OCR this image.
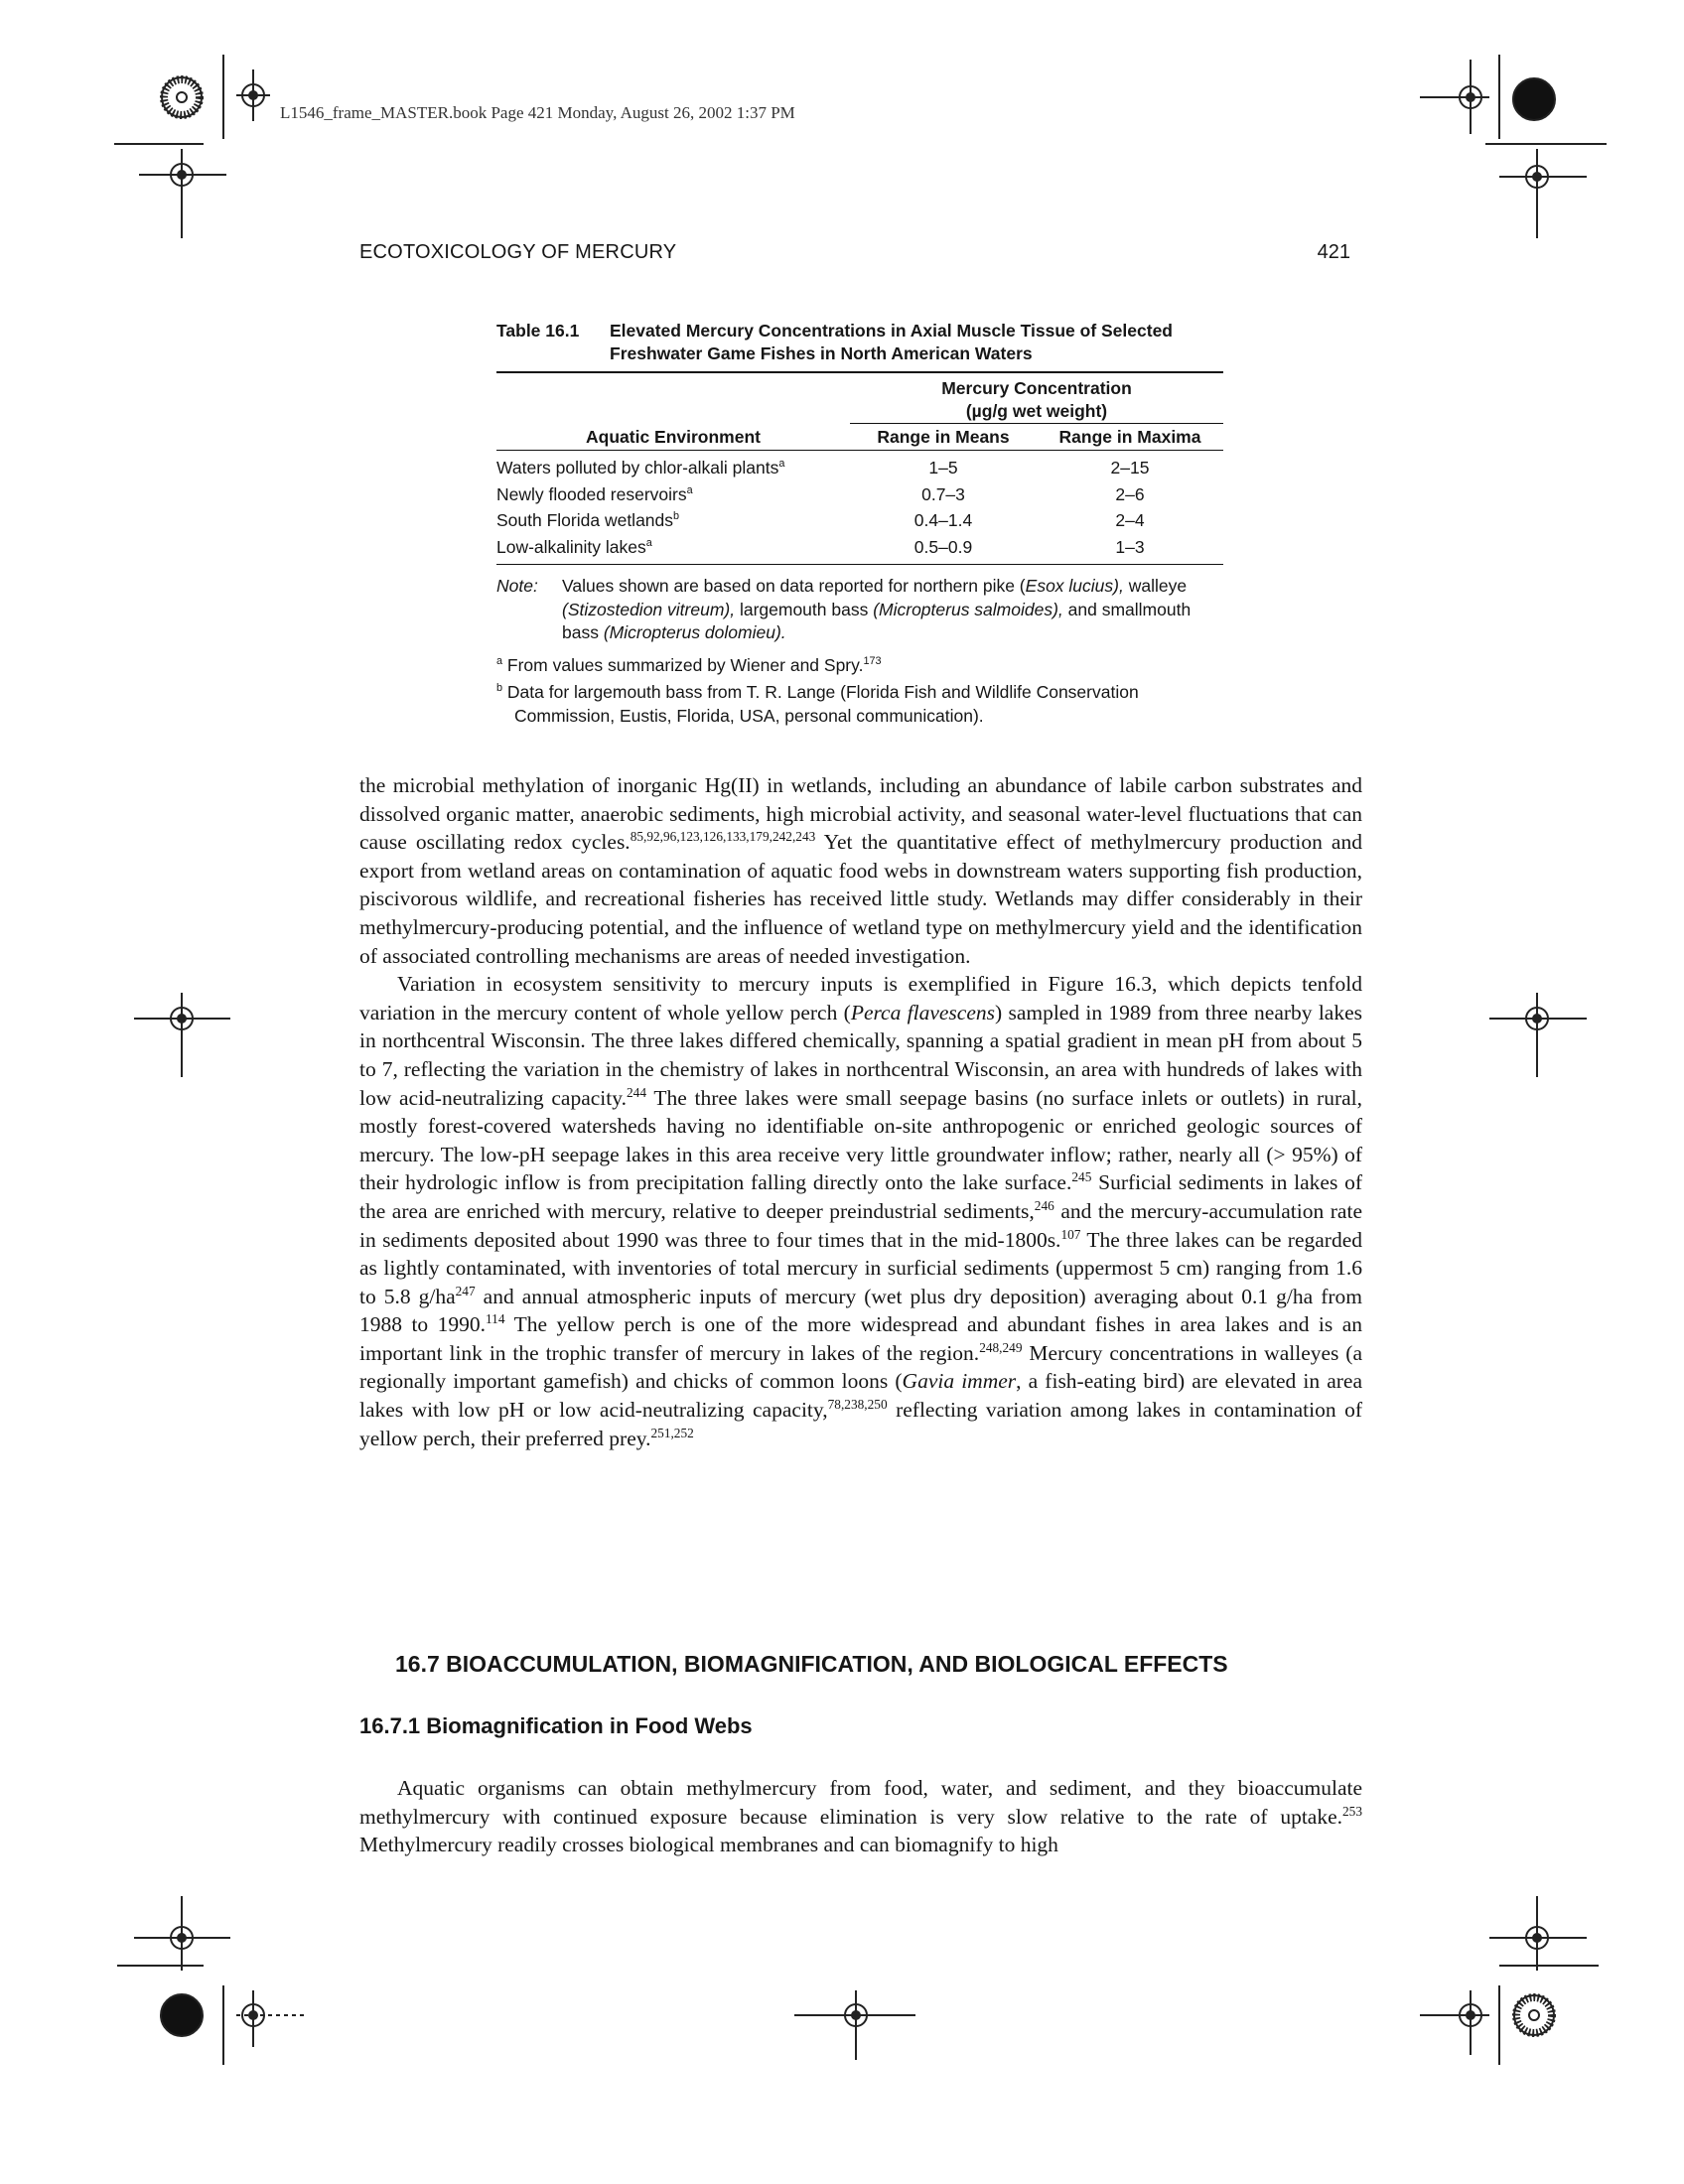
L1546_frame_MASTER.book Page 421 Monday, August 26, 2002 1:37 PM
ECOTOXICOLOGY OF MERCURY	421
Table 16.1	Elevated Mercury Concentrations in Axial Muscle Tissue of Selected Freshwater Game Fishes in North American Waters

	Mercury Concentration
(µg/g wet weight)	

Aquatic Environment	Range in Means	Range in Maxima

Waters polluted by chlor-alkali plants$^a$	1–5	2–15
Newly flooded reservoirs$^a$	0.7–3	2–6
South Florida wetlands$^b$	0.4–1.4	2–4
Low-alkalinity lakes$^a$	0.5–0.9	1–3
Note:	Values shown are based on data reported for northern pike (Esox lucius), walleye (Stizostedion vitreum), largemouth bass (Micropterus salmoides), and smallmouth bass (Micropterus dolomieu).
$^a$ From values summarized by Wiener and Spry.$^{173}$
$^b$ Data for largemouth bass from T. R. Lange (Florida Fish and Wildlife Conservation Commission, Eustis, Florida, USA, personal communication).

the microbial methylation of inorganic Hg(II) in wetlands, including an abundance of labile carbon substrates and dissolved organic matter, anaerobic sediments, high microbial activity, and seasonal water-level fluctuations that can cause oscillating redox cycles.$^{85,92,96,123,126,133,179,242,243}$ Yet the quantitative effect of methylmercury production and export from wetland areas on contamination of aquatic food webs in downstream waters supporting fish production, piscivorous wildlife, and recreational fisheries has received little study. Wetlands may differ considerably in their methylmercury-producing potential, and the influence of wetland type on methylmercury yield and the identification of associated controlling mechanisms are areas of needed investigation.

Variation in ecosystem sensitivity to mercury inputs is exemplified in Figure 16.3, which depicts tenfold variation in the mercury content of whole yellow perch (Perca flavescens) sampled in 1989 from three nearby lakes in northcentral Wisconsin. The three lakes differed chemically, spanning a spatial gradient in mean pH from about 5 to 7, reflecting the variation in the chemistry of lakes in northcentral Wisconsin, an area with hundreds of lakes with low acid-neutralizing capacity.$^{244}$ The three lakes were small seepage basins (no surface inlets or outlets) in rural, mostly forest-covered watersheds having no identifiable on-site anthropogenic or enriched geologic sources of mercury. The low-pH seepage lakes in this area receive very little groundwater inflow; rather, nearly all (> 95%) of their hydrologic inflow is from precipitation falling directly onto the lake surface.$^{245}$ Surficial sediments in lakes of the area are enriched with mercury, relative to deeper preindustrial sediments,$^{246}$ and the mercury-accumulation rate in sediments deposited about 1990 was three to four times that in the mid-1800s.$^{107}$ The three lakes can be regarded as lightly contaminated, with inventories of total mercury in surficial sediments (uppermost 5 cm) ranging from 1.6 to 5.8 $g/ha^{247}$ and annual atmospheric inputs of mercury (wet plus dry deposition) averaging about 0.1 g/ha from 1988 to 1990.$^{114}$ The yellow perch is one of the more widespread and abundant fishes in area lakes and is an important link in the trophic transfer of mercury in lakes of the region.$^{248,249}$ Mercury concentrations in walleyes (a regionally important gamefish) and chicks of common loons (Gavia immer, a fish-eating bird) are elevated in area lakes with low pH or low acid-neutralizing capacity,$^{78,238,250}$ reflecting variation among lakes in contamination of yellow perch, their preferred prey.$^{251,252}$

16.7 BIOACCUMULATION, BIOMAGNIFICATION, AND BIOLOGICAL EFFECTS
16.7.1 Biomagnification in Food Webs

Aquatic organisms can obtain methylmercury from food, water, and sediment, and they bioaccumulate methylmercury with continued exposure because elimination is very slow relative to the rate of uptake.$^{253}$ Methylmercury readily crosses biological membranes and can biomagnify to high
